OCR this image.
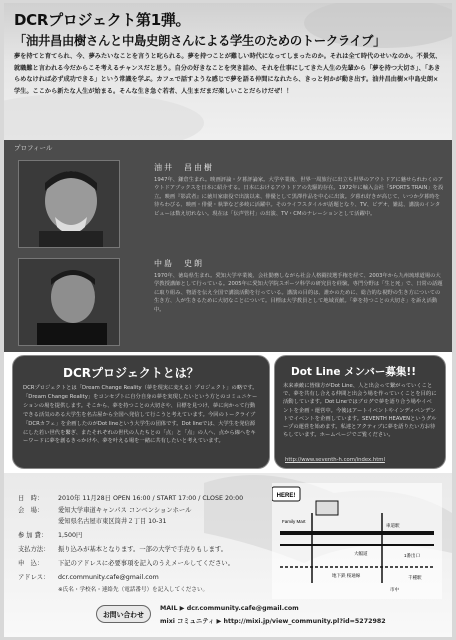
DCRプロジェクト第1弾。
「油井昌由樹さんと中島史朗さんによる学生のためのトークライブ」
夢を持てと育てられ、今、夢みたいなことを言うと叱られる。夢を持つことが難しい時代になってしまったのか。それは全て時代のせいなのか。不景気、就職難と言われる今だからこそ考えるチャンスだと思う。自分の好きなことを突き詰め、それを仕事にしてきた人生の先輩から「夢を持つ大切さ」、「あきらめなければ必ず成功できる」という常識を学ぶ。カフェで話すような感じで夢を語る仲間になれたら、きっと何かが動き出す。油井昌由樹×中島史朗×学生。ここから新たな人生が始まる。そんな生き急ぐ若者、人生まだまだ楽しいことだらけだぜ！！
プロフィール
油井　昌由樹
1947年、鎌倉生まれ。映画評論・夕暮評論家。大学卒業後、世界一周旅行に出立ち世界のアウトドアに魅せられわくのアウトドアブックスを日本に紹介する。日本におけるアウトドアの先駆的存在。1972年に輸入会社「SPORTS TRAIN」を設立。映画『影武者』に徳川家康役で出演以来、俳優として黒澤作品を中心に出演。夕暮れ好きが高じて、いつか夕暮時を待ちわびる、映画・俳優・執筆など多岐に活躍中。そのライフスタイルが話題となり、TV、ビデオ、雑誌、講演のインタビューは数え切れない。現在は「伝声管村」の出演、TV・CMのナレーションとして活躍中。
中島　史朗
1970年、徳島県生まれ。愛知大学卒業後、会社勤務しながら社会人格闘技選手権を経て、2003年から九州琉球道場の大学教授講師として行っている。2005年に愛知大学院スポーツ科学の研究員を経験。専門分野は「生と死」で、日常の話題に取り組み、物語を伝え全国で講演活動を行っている。講演の目的は、誰かのために、総合的な視野の生き方についての生き方、人が生きるために大切なことについて。目標は大学教員として地域貢献。「夢を持つことの大切さ」を訴え活動中。
DCRプロジェクトとは？
DCRプロジェクトとは「Dream Change Reality（夢を現実に変える）プロジェクト」の略です。「Dream Change Reality」をコンセプトに自分自身の夢を実現したいという方とのコミュニケーションの場を提供します。そこから、夢を持つことの大切さや、目標を見つけ、夢に向かって行動できる活気のある大学生を名古屋から全国へ発信して行こうと考えています。今回のトークライブ「DCRカフェ」を企画したのがDot lineという大学生の団体です。Dot lineでは、大学生を発信源にした若い世代を繋ぎ、またそれぞれの世代の人たちとの「点」と「点」の人へ、点から線へをキーワードに夢を創るきっかけや、夢を叶える場を一緒に共有したいと考えています。
Dot Line メンバー募集!!
未来素敵に皆様方がDot Line、人と出会って繋がっていくことで、夢を共有し合える仲間と出会う場を作っていくことを目的に活動しています。Dot Lineではブログで夢を語り合う場やイベントを企画・運営中。今後はアートイベントやインディペンデントでイベントを企画しています。SEVENTH HEAVENというグループの運営を始めます。私達とアクティブに夢を語りたい方お待ちしています。ホームページでご覧ください。
http://www.seventh-h.com/index.html
日　時： 2010年 11月28日 OPEN 16:00 / START 17:00 / CLOSE 20:00
会　場： 愛知大学車道キャンパス コンベンションホール
愛知県名古屋市東区筒井２丁目 10-31
参 加 費： 1,500円
支払方法： 振り込みが基本となります。一部の大学で手売りもします。
申　込： 下記のアドレスに必要事項を記入のうえメールしてください。
アドレス： dcr.community.cafe@gmail.com
※氏名・学校名・連絡先（電話番号）を記入してください。
HERE!
Family Mart
大幅道
車道駅
1番出口
地下鉄 桜通線	千種駅
市中
お問い合わせ
MAIL ▶ dcr.community.cafe@gmail.com
mixi コミュニティ ▶ http://mixi.jp/view_community.pl?id=5272982
